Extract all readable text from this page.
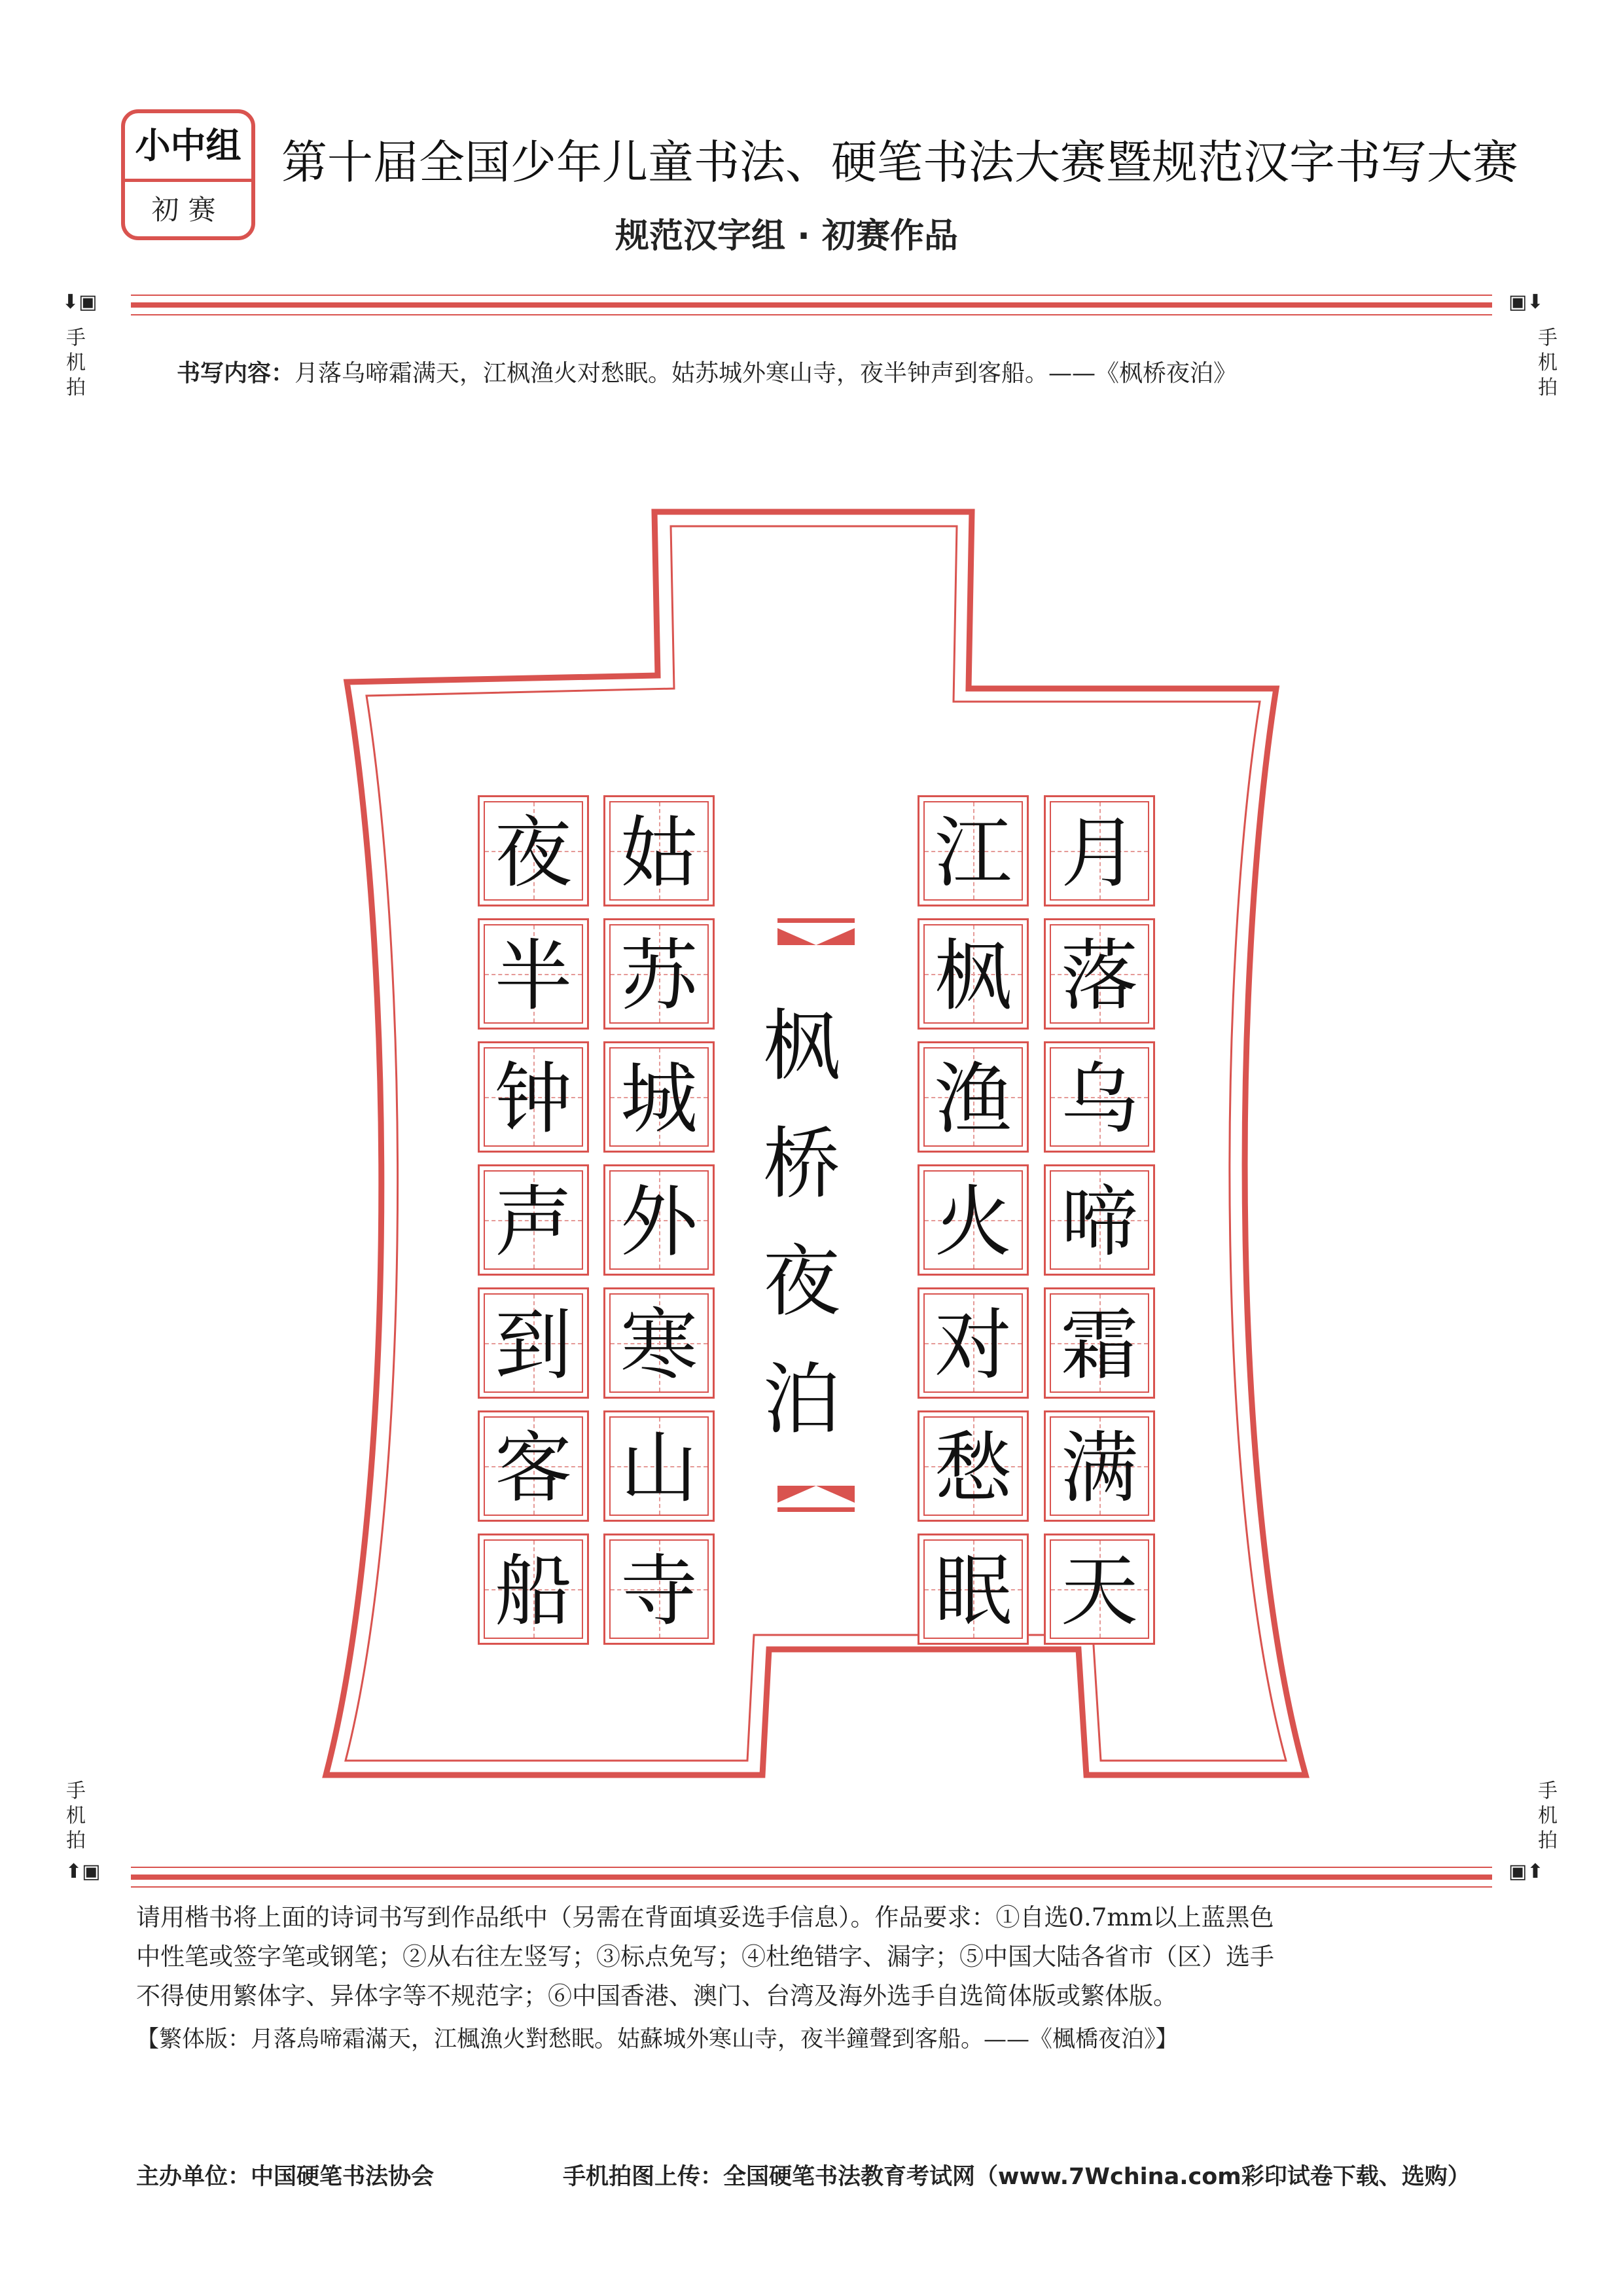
小中组
初赛
第十届全国少年儿童书法、硬笔书法大赛暨规范汉字书写大赛
规范汉字组 · 初赛作品
⬇▣
手机拍
▣⬇
手机拍
书写内容：月落乌啼霜满天，江枫渔火对愁眠。姑苏城外寒山寺，夜半钟声到客船。——《枫桥夜泊》
月
落
乌
啼
霜
满
天
江
枫
渔
火
对
愁
眠
枫
桥
夜
泊
姑
苏
城
外
寒
山
寺
夜
半
钟
声
到
客
船
手机拍
⬆▣
手机拍
▣⬆

请用楷书将上面的诗词书写到作品纸中（另需在背面填妥选手信息）。作品要求：①自选0.7mm以上蓝黑色

中性笔或签字笔或钢笔；②从右往左竖写；③标点免写；④杜绝错字、漏字；⑤中国大陆各省市（区）选手

不得使用繁体字、异体字等不规范字；⑥中国香港、澳门、台湾及海外选手自选简体版或繁体版。

【繁体版：月落烏啼霜滿天，江楓漁火對愁眠。姑蘇城外寒山寺，夜半鐘聲到客船。——《楓橋夜泊》】
主办单位：中国硬笔书法协会	手机拍图上传：全国硬笔书法教育考试网（www.7Wchina.com彩印试卷下载、选购）
